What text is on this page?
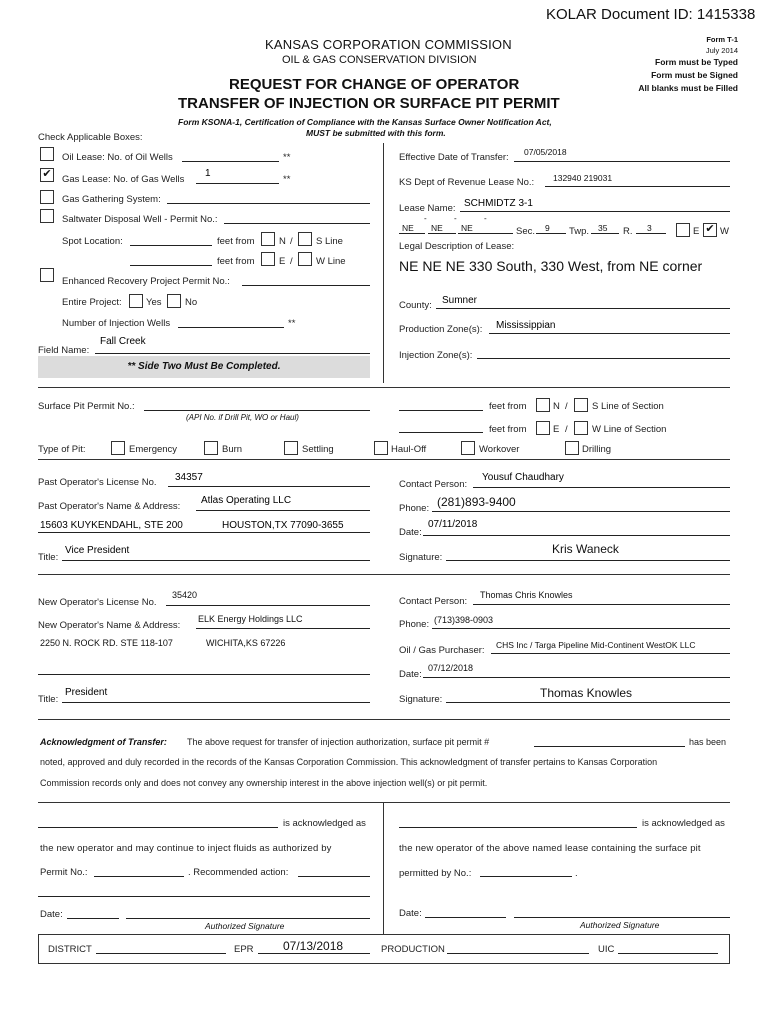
KOLAR Document ID: 1415338
KANSAS CORPORATION COMMISSION
OIL & GAS CONSERVATION DIVISION
REQUEST FOR CHANGE OF OPERATOR
TRANSFER OF INJECTION OR SURFACE PIT PERMIT
Form KSONA-1, Certification of Compliance with the Kansas Surface Owner Notification Act,
MUST be submitted with this form.
Form T-1
July 2014
Form must be Typed
Form must be Signed
All blanks must be Filled
Check Applicable Boxes:
Oil Lease: No. of Oil Wells	**
✔ Gas Lease: No. of Gas Wells
1
**
Gas Gathering System:
Saltwater Disposal Well - Permit No.:
Spot Location:	feet from	N / S Line
feet from	E / W Line
Enhanced Recovery Project Permit No.:
Entire Project:	Yes No
Number of Injection Wells	**
Field Name:
Fall Creek
** Side Two Must Be Completed.
Effective Date of Transfer: 07/05/2018
KS Dept of Revenue Lease No.: 132940 219031
Lease Name: SCHMIDTZ 3-1
-	-	-
NE NE NE	Sec. 9 Twp. 35 R. 3	E ✔ W
Legal Description of Lease:
NE NE NE 330 South, 330 West, from NE corner
County: Sumner
Production Zone(s): Mississippian
Injection Zone(s):
Surface Pit Permit No.:
(API No. if Drill Pit, WO or Haul)
feet from	N /	S Line of Section
feet from	E /	W Line of Section
Type of Pit:	Emergency	Burn	Settling	Haul-Off	Workover	Drilling
Past Operator's License No. 34357
Past Operator's Name & Address:
Atlas Operating LLC
15603 KUYKENDAHL, STE 200	HOUSTON,TX 77090-3655
Title:
Vice President
Contact Person:
Yousuf Chaudhary
Phone: (281)893-9400
Date:
07/11/2018
Signature:
Kris Waneck
New Operator's License No.
35420
New Operator's Name & Address:
ELK Energy Holdings LLC
2250 N. ROCK RD. STE 118-107	WICHITA,KS 67226
Title:
President
Contact Person:
Thomas Chris Knowles
Phone: (713)398-0903
Oil / Gas Purchaser: CHS Inc / Targa Pipeline Mid-Continent WestOK LLC
Date:
07/12/2018
Signature:	Thomas Knowles
Acknowledgment of Transfer: The above request for transfer of injection authorization, surface pit permit #	has been
noted, approved and duly recorded in the records of the Kansas Corporation Commission. This acknowledgment of transfer pertains to Kansas Corporation
Commission records only and does not convey any ownership interest in the above injection well(s) or pit permit.
is acknowledged as
the new operator and may continue to inject fluids as authorized by
Permit No.:	. Recommended action:
Date:
Authorized Signature
is acknowledged as
the new operator of the above named lease containing the surface pit
permitted by No.:	.
Date:
Authorized Signature
DISTRICT	EPR 07/13/2018	PRODUCTION	UIC
